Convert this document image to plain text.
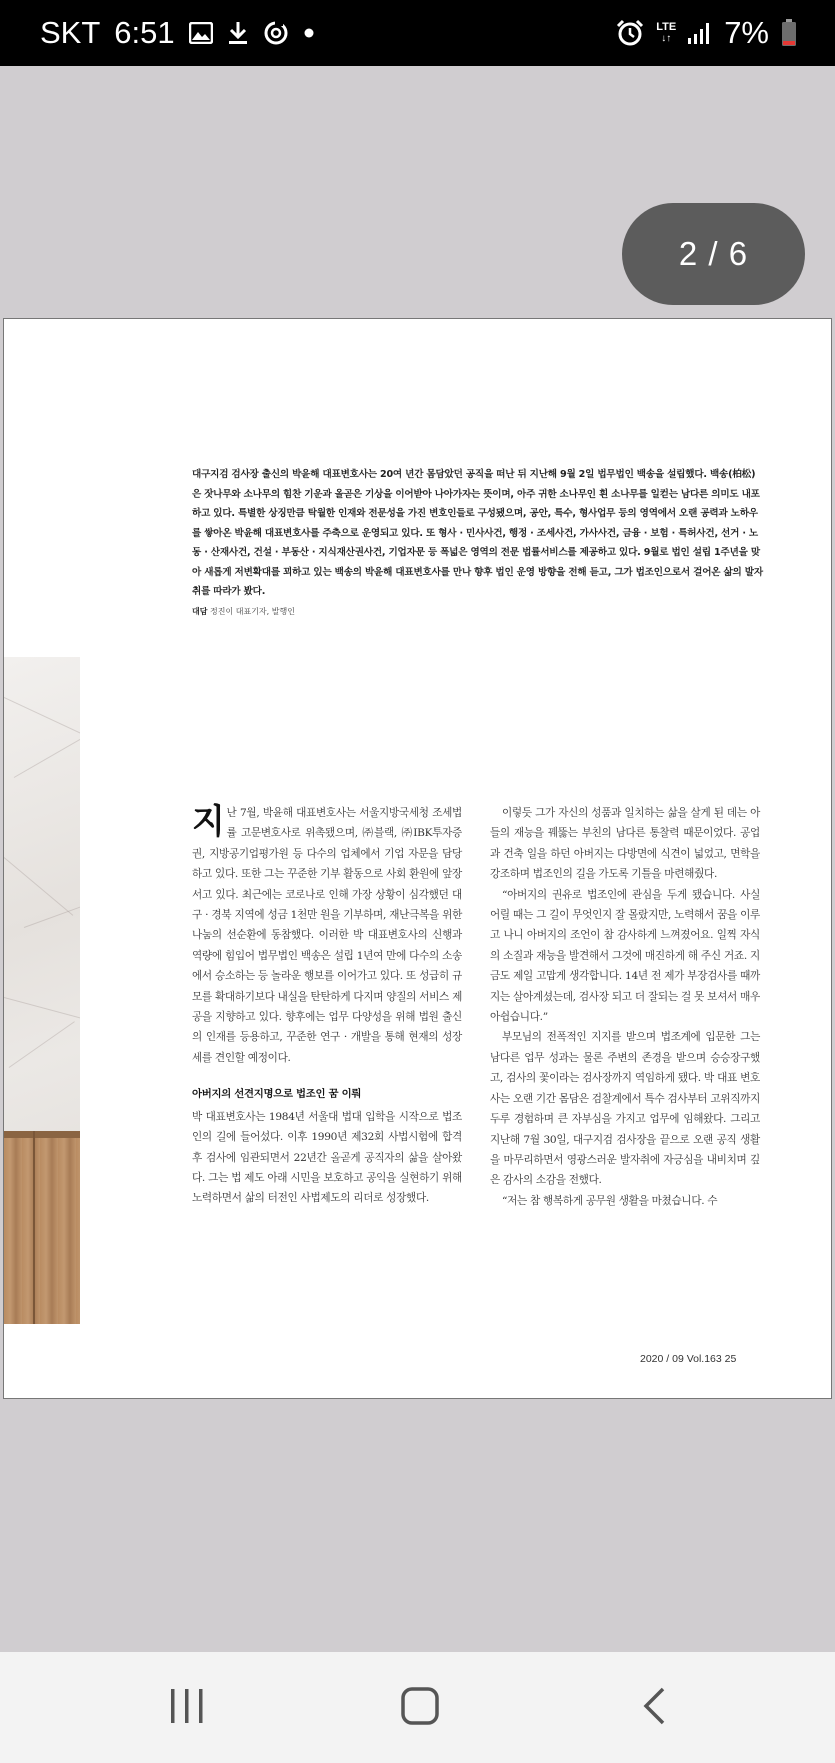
SKT 6:51	LTE
↓↑ 7%
2 / 6
대구지검 검사장 출신의 박윤해 대표변호사는 20여 년간 몸담았던 공직을 떠난 뒤 지난해 9월 2일 법무법인 백송을 설립했다. 백송(柏松)은 잣나무와 소나무의 힘찬 기운과 올곧은 기상을 이어받아 나아가자는 뜻이며, 아주 귀한 소나무인 흰 소나무를 일컫는 남다른 의미도 내포하고 있다. 특별한 상징만큼 탁월한 인재와 전문성을 가진 변호인들로 구성됐으며, 공안, 특수, 형사업무 등의 영역에서 오랜 공력과 노하우를 쌓아온 박윤해 대표변호사를 주축으로 운영되고 있다. 또 형사 · 민사사건, 행정 · 조세사건, 가사사건, 금융 · 보험 · 특허사건, 선거 · 노동 · 산재사건, 건설 · 부동산 · 지식재산권사건, 기업자문 등 폭넓은 영역의 전문 법률서비스를 제공하고 있다. 9월로 법인 설립 1주년을 맞아 새롭게 저변확대를 꾀하고 있는 백송의 박윤해 대표변호사를 만나 향후 법인 운영 방향을 전해 듣고, 그가 법조인으로서 걸어온 삶의 발자취를 따라가 봤다.
대담 정진이 대표기자, 발행인

지 난 7월, 박윤해 대표변호사는 서울지방국세청 조세법률 고문변호사로 위촉됐으며, ㈜블랙, ㈜IBK투자증권, 지방공기업평가원 등 다수의 업체에서 기업 자문을 담당하고 있다. 또한 그는 꾸준한 기부 활동으로 사회 환원에 앞장서고 있다. 최근에는 코로나로 인해 가장 상황이 심각했던 대구 · 경북 지역에 성금 1천만 원을 기부하며, 재난극복을 위한 나눔의 선순환에 동참했다. 이러한 박 대표변호사의 신행과 역량에 힘입어 법무법인 백송은 설립 1년여 만에 다수의 소송에서 승소하는 등 놀라운 행보를 이어가고 있다. 또 성급히 규모를 확대하기보다 내실을 탄탄하게 다지며 양질의 서비스 제공을 지향하고 있다. 향후에는 업무 다양성을 위해 법원 출신의 인재를 등용하고, 꾸준한 연구 · 개발을 통해 현재의 성장세를 견인할 예정이다.

아버지의 선견지명으로 법조인 꿈 이뤄

박 대표변호사는 1984년 서울대 법대 입학을 시작으로 법조인의 길에 들어섰다. 이후 1990년 제32회 사법시험에 합격 후 검사에 임관되면서 22년간 올곧게 공직자의 삶을 살아왔다. 그는 법 제도 아래 시민을 보호하고 공익을 실현하기 위해 노력하면서 삶의 터전인 사법제도의 리더로 성장했다.

이렇듯 그가 자신의 성품과 일치하는 삶을 살게 된 데는 아들의 재능을 꿰뚫는 부친의 남다른 통찰력 때문이었다. 공업과 건축 일을 하던 아버지는 다방면에 식견이 넓었고, 면학을 강조하며 법조인의 길을 가도록 기틀을 마련해줬다.

“아버지의 권유로 법조인에 관심을 두게 됐습니다. 사실 어릴 때는 그 길이 무엇인지 잘 몰랐지만, 노력해서 꿈을 이루고 나니 아버지의 조언이 참 감사하게 느껴졌어요. 일찍 자식의 소질과 재능을 발견해서 그것에 매진하게 해 주신 거죠. 지금도 제일 고맙게 생각합니다. 14년 전 제가 부장검사를 때까지는 살아계셨는데, 검사장 되고 더 잘되는 걸 못 보셔서 매우 아쉽습니다.”

부모님의 전폭적인 지지를 받으며 법조계에 입문한 그는 남다른 업무 성과는 물론 주변의 존경을 받으며 승승장구했고, 검사의 꽃이라는 검사장까지 역임하게 됐다. 박 대표 변호사는 오랜 기간 몸담은 검찰계에서 특수 검사부터 고위직까지 두루 경험하며 큰 자부심을 가지고 업무에 임해왔다. 그리고 지난해 7월 30일, 대구지검 검사장을 끝으로 오랜 공직 생활을 마무리하면서 영광스러운 발자취에 자긍심을 내비치며 깊은 감사의 소감을 전했다.

“저는 참 행복하게 공무원 생활을 마쳤습니다. 수

2020 / 09 Vol.163 25
